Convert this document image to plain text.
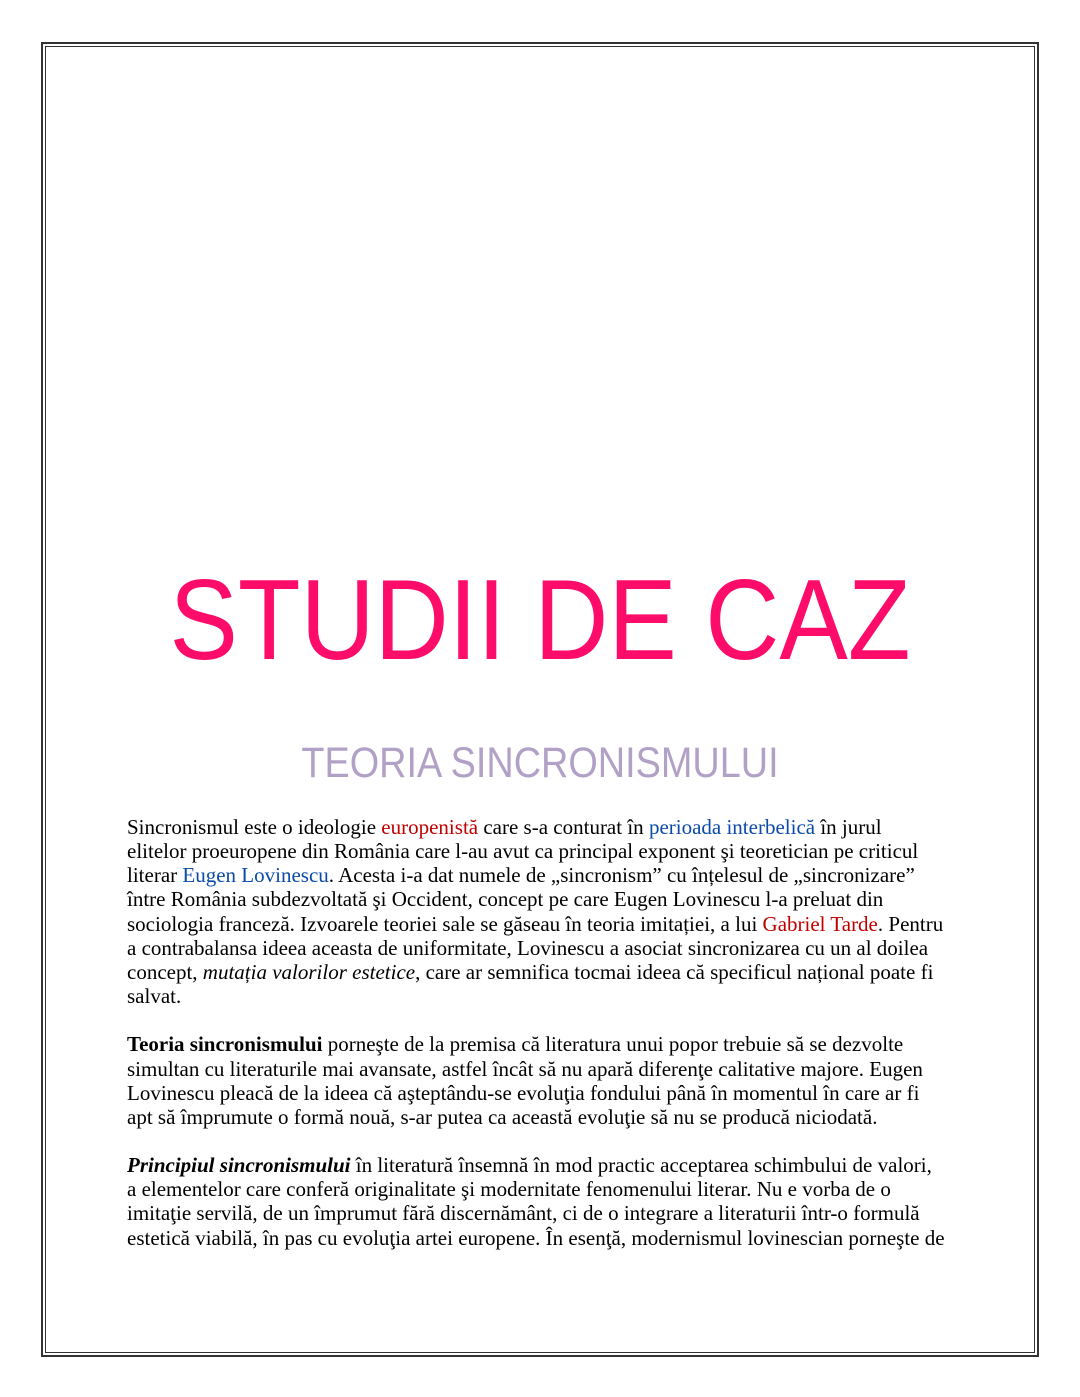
STUDII DE CAZ
TEORIA SINCRONISMULUI
Sincronismul este o ideologie europenistă care s-a conturat în perioada interbelică în jurul
elitelor proeuropene din România care l-au avut ca principal exponent şi teoretician pe criticul
literar Eugen Lovinescu. Acesta i-a dat numele de „sincronism” cu înțelesul de „sincronizare”
între România subdezvoltată şi Occident, concept pe care Eugen Lovinescu l-a preluat din
sociologia franceză. Izvoarele teoriei sale se găseau în teoria imitației, a lui Gabriel Tarde. Pentru
a contrabalansa ideea aceasta de uniformitate, Lovinescu a asociat sincronizarea cu un al doilea
concept, mutația valorilor estetice, care ar semnifica tocmai ideea că specificul național poate fi
salvat.
Teoria sincronismului porneşte de la premisa că literatura unui popor trebuie să se dezvolte
simultan cu literaturile mai avansate, astfel încât să nu apară diferenţe calitative majore. Eugen
Lovinescu pleacă de la ideea că aşteptându-se evoluţia fondului până în momentul în care ar fi
apt să împrumute o formă nouă, s-ar putea ca această evoluţie să nu se producă niciodată.
Principiul sincronismului în literatură însemnă în mod practic acceptarea schimbului de valori,
a elementelor care conferă originalitate şi modernitate fenomenului literar. Nu e vorba de o
imitaţie servilă, de un împrumut fără discernământ, ci de o integrare a literaturii într-o formulă
estetică viabilă, în pas cu evoluţia artei europene. În esenţă, modernismul lovinescian porneşte de
